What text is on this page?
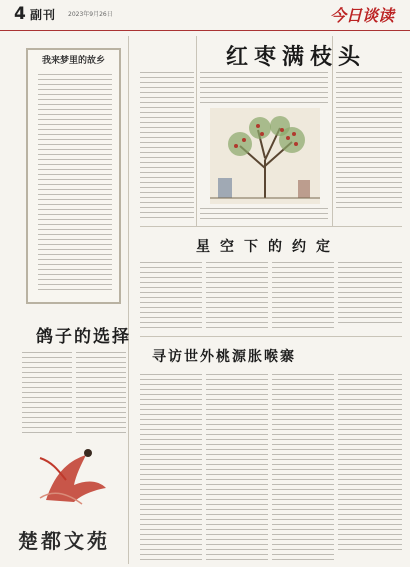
4 副刊 2023年9月26日	今日谈读
我来梦里的故乡
鸽子的选择
楚都文苑
红枣满枝头
星空下的约定
寻访世外桃源胀喉寨
